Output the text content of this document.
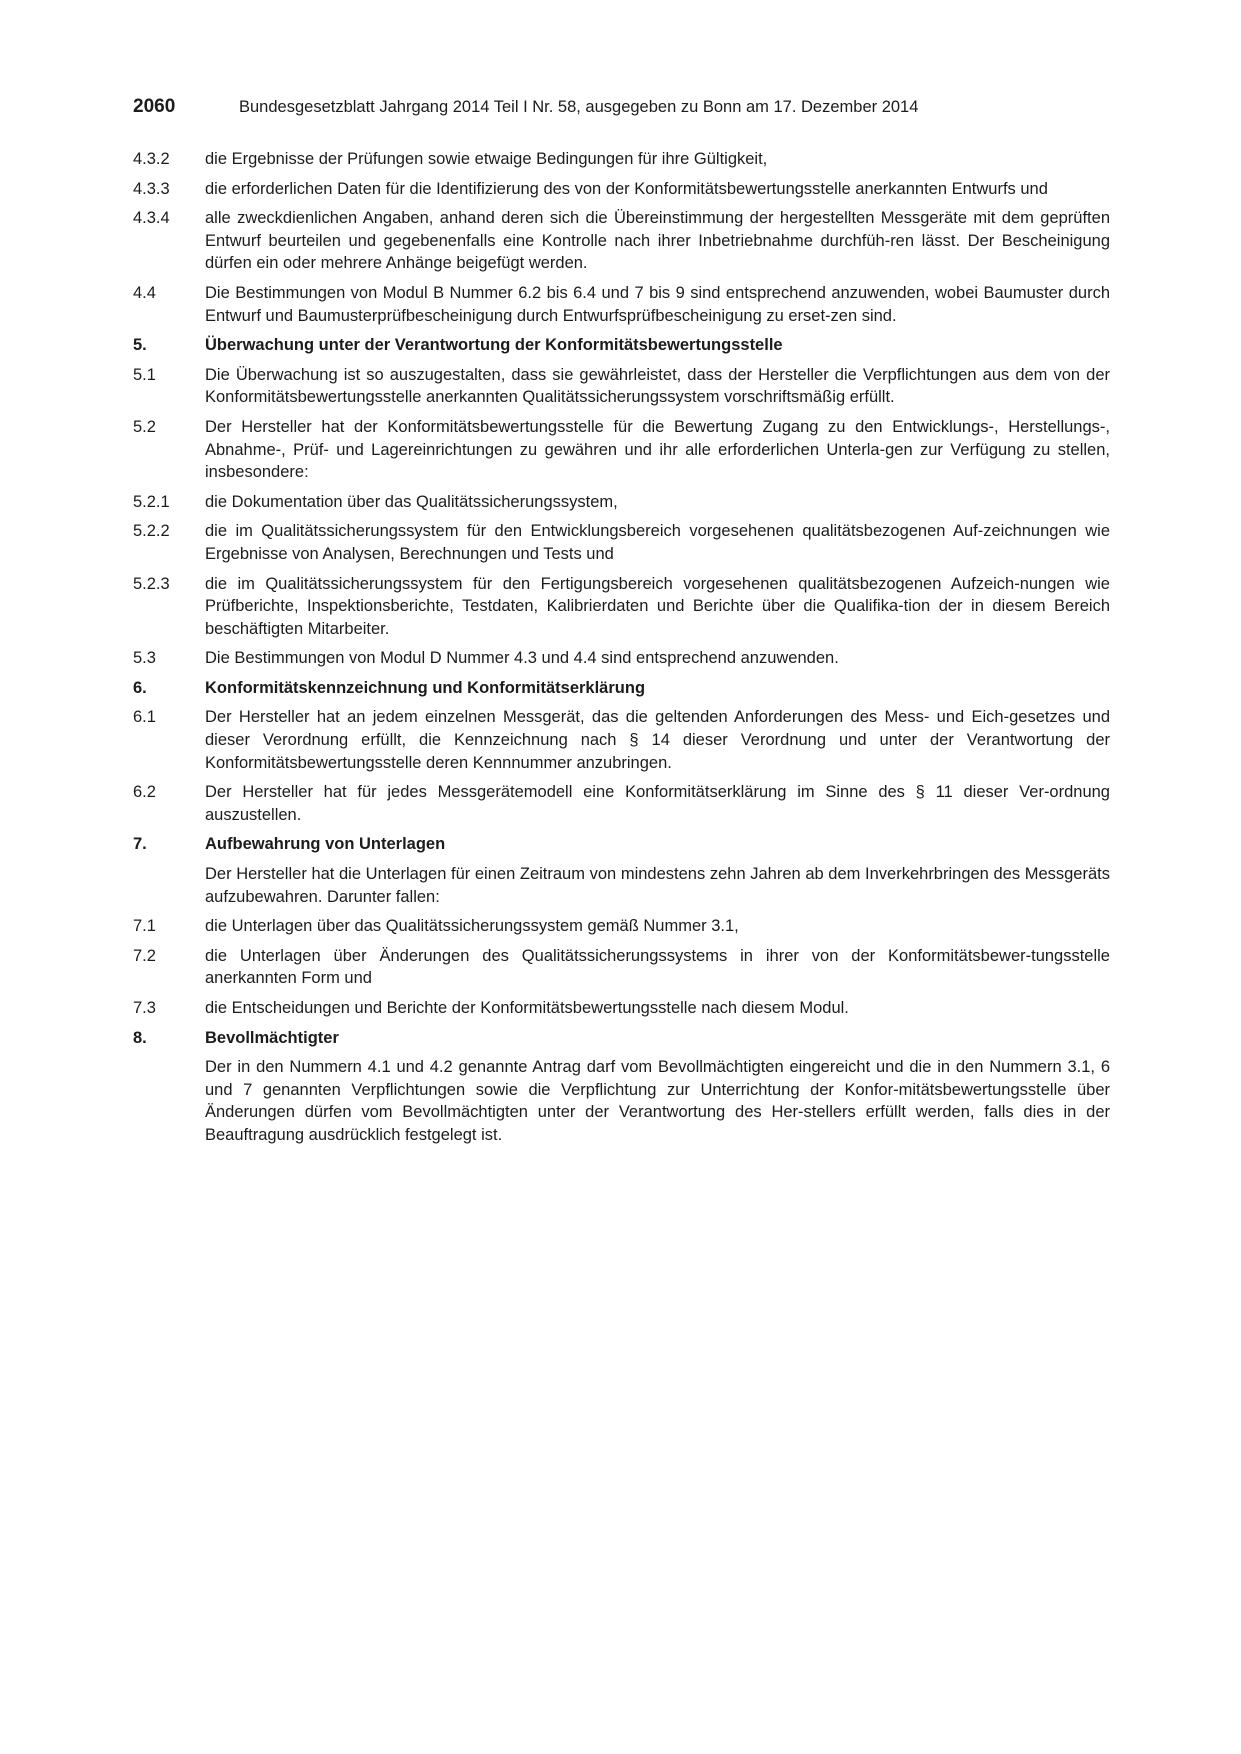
2060	Bundesgesetzblatt Jahrgang 2014 Teil I Nr. 58, ausgegeben zu Bonn am 17. Dezember 2014
4.3.2	die Ergebnisse der Prüfungen sowie etwaige Bedingungen für ihre Gültigkeit,
4.3.3	die erforderlichen Daten für die Identifizierung des von der Konformitätsbewertungsstelle anerkannten Entwurfs und
4.3.4	alle zweckdienlichen Angaben, anhand deren sich die Übereinstimmung der hergestellten Messgeräte mit dem geprüften Entwurf beurteilen und gegebenenfalls eine Kontrolle nach ihrer Inbetriebnahme durchfüh-ren lässt. Der Bescheinigung dürfen ein oder mehrere Anhänge beigefügt werden.
4.4	Die Bestimmungen von Modul B Nummer 6.2 bis 6.4 und 7 bis 9 sind entsprechend anzuwenden, wobei Baumuster durch Entwurf und Baumusterprüfbescheinigung durch Entwurfsprüfbescheinigung zu erset-zen sind.
5.	Überwachung unter der Verantwortung der Konformitätsbewertungsstelle
5.1	Die Überwachung ist so auszugestalten, dass sie gewährleistet, dass der Hersteller die Verpflichtungen aus dem von der Konformitätsbewertungsstelle anerkannten Qualitätssicherungssystem vorschriftsmäßig erfüllt.
5.2	Der Hersteller hat der Konformitätsbewertungsstelle für die Bewertung Zugang zu den Entwicklungs-, Herstellungs-, Abnahme-, Prüf- und Lagereinrichtungen zu gewähren und ihr alle erforderlichen Unterla-gen zur Verfügung zu stellen, insbesondere:
5.2.1	die Dokumentation über das Qualitätssicherungssystem,
5.2.2	die im Qualitätssicherungssystem für den Entwicklungsbereich vorgesehenen qualitätsbezogenen Auf-zeichnungen wie Ergebnisse von Analysen, Berechnungen und Tests und
5.2.3	die im Qualitätssicherungssystem für den Fertigungsbereich vorgesehenen qualitätsbezogenen Aufzeich-nungen wie Prüfberichte, Inspektionsberichte, Testdaten, Kalibrierdaten und Berichte über die Qualifika-tion der in diesem Bereich beschäftigten Mitarbeiter.
5.3	Die Bestimmungen von Modul D Nummer 4.3 und 4.4 sind entsprechend anzuwenden.
6.	Konformitätskennzeichnung und Konformitätserklärung
6.1	Der Hersteller hat an jedem einzelnen Messgerät, das die geltenden Anforderungen des Mess- und Eich-gesetzes und dieser Verordnung erfüllt, die Kennzeichnung nach § 14 dieser Verordnung und unter der Verantwortung der Konformitätsbewertungsstelle deren Kennnummer anzubringen.
6.2	Der Hersteller hat für jedes Messgerätemodell eine Konformitätserklärung im Sinne des § 11 dieser Ver-ordnung auszustellen.
7.	Aufbewahrung von Unterlagen
Der Hersteller hat die Unterlagen für einen Zeitraum von mindestens zehn Jahren ab dem Inverkehrbringen des Messgeräts aufzubewahren. Darunter fallen:
7.1	die Unterlagen über das Qualitätssicherungssystem gemäß Nummer 3.1,
7.2	die Unterlagen über Änderungen des Qualitätssicherungssystems in ihrer von der Konformitätsbewer-tungsstelle anerkannten Form und
7.3	die Entscheidungen und Berichte der Konformitätsbewertungsstelle nach diesem Modul.
8.	Bevollmächtigter
Der in den Nummern 4.1 und 4.2 genannte Antrag darf vom Bevollmächtigten eingereicht und die in den Nummern 3.1, 6 und 7 genannten Verpflichtungen sowie die Verpflichtung zur Unterrichtung der Konfor-mitätsbewertungsstelle über Änderungen dürfen vom Bevollmächtigten unter der Verantwortung des Her-stellers erfüllt werden, falls dies in der Beauftragung ausdrücklich festgelegt ist.
